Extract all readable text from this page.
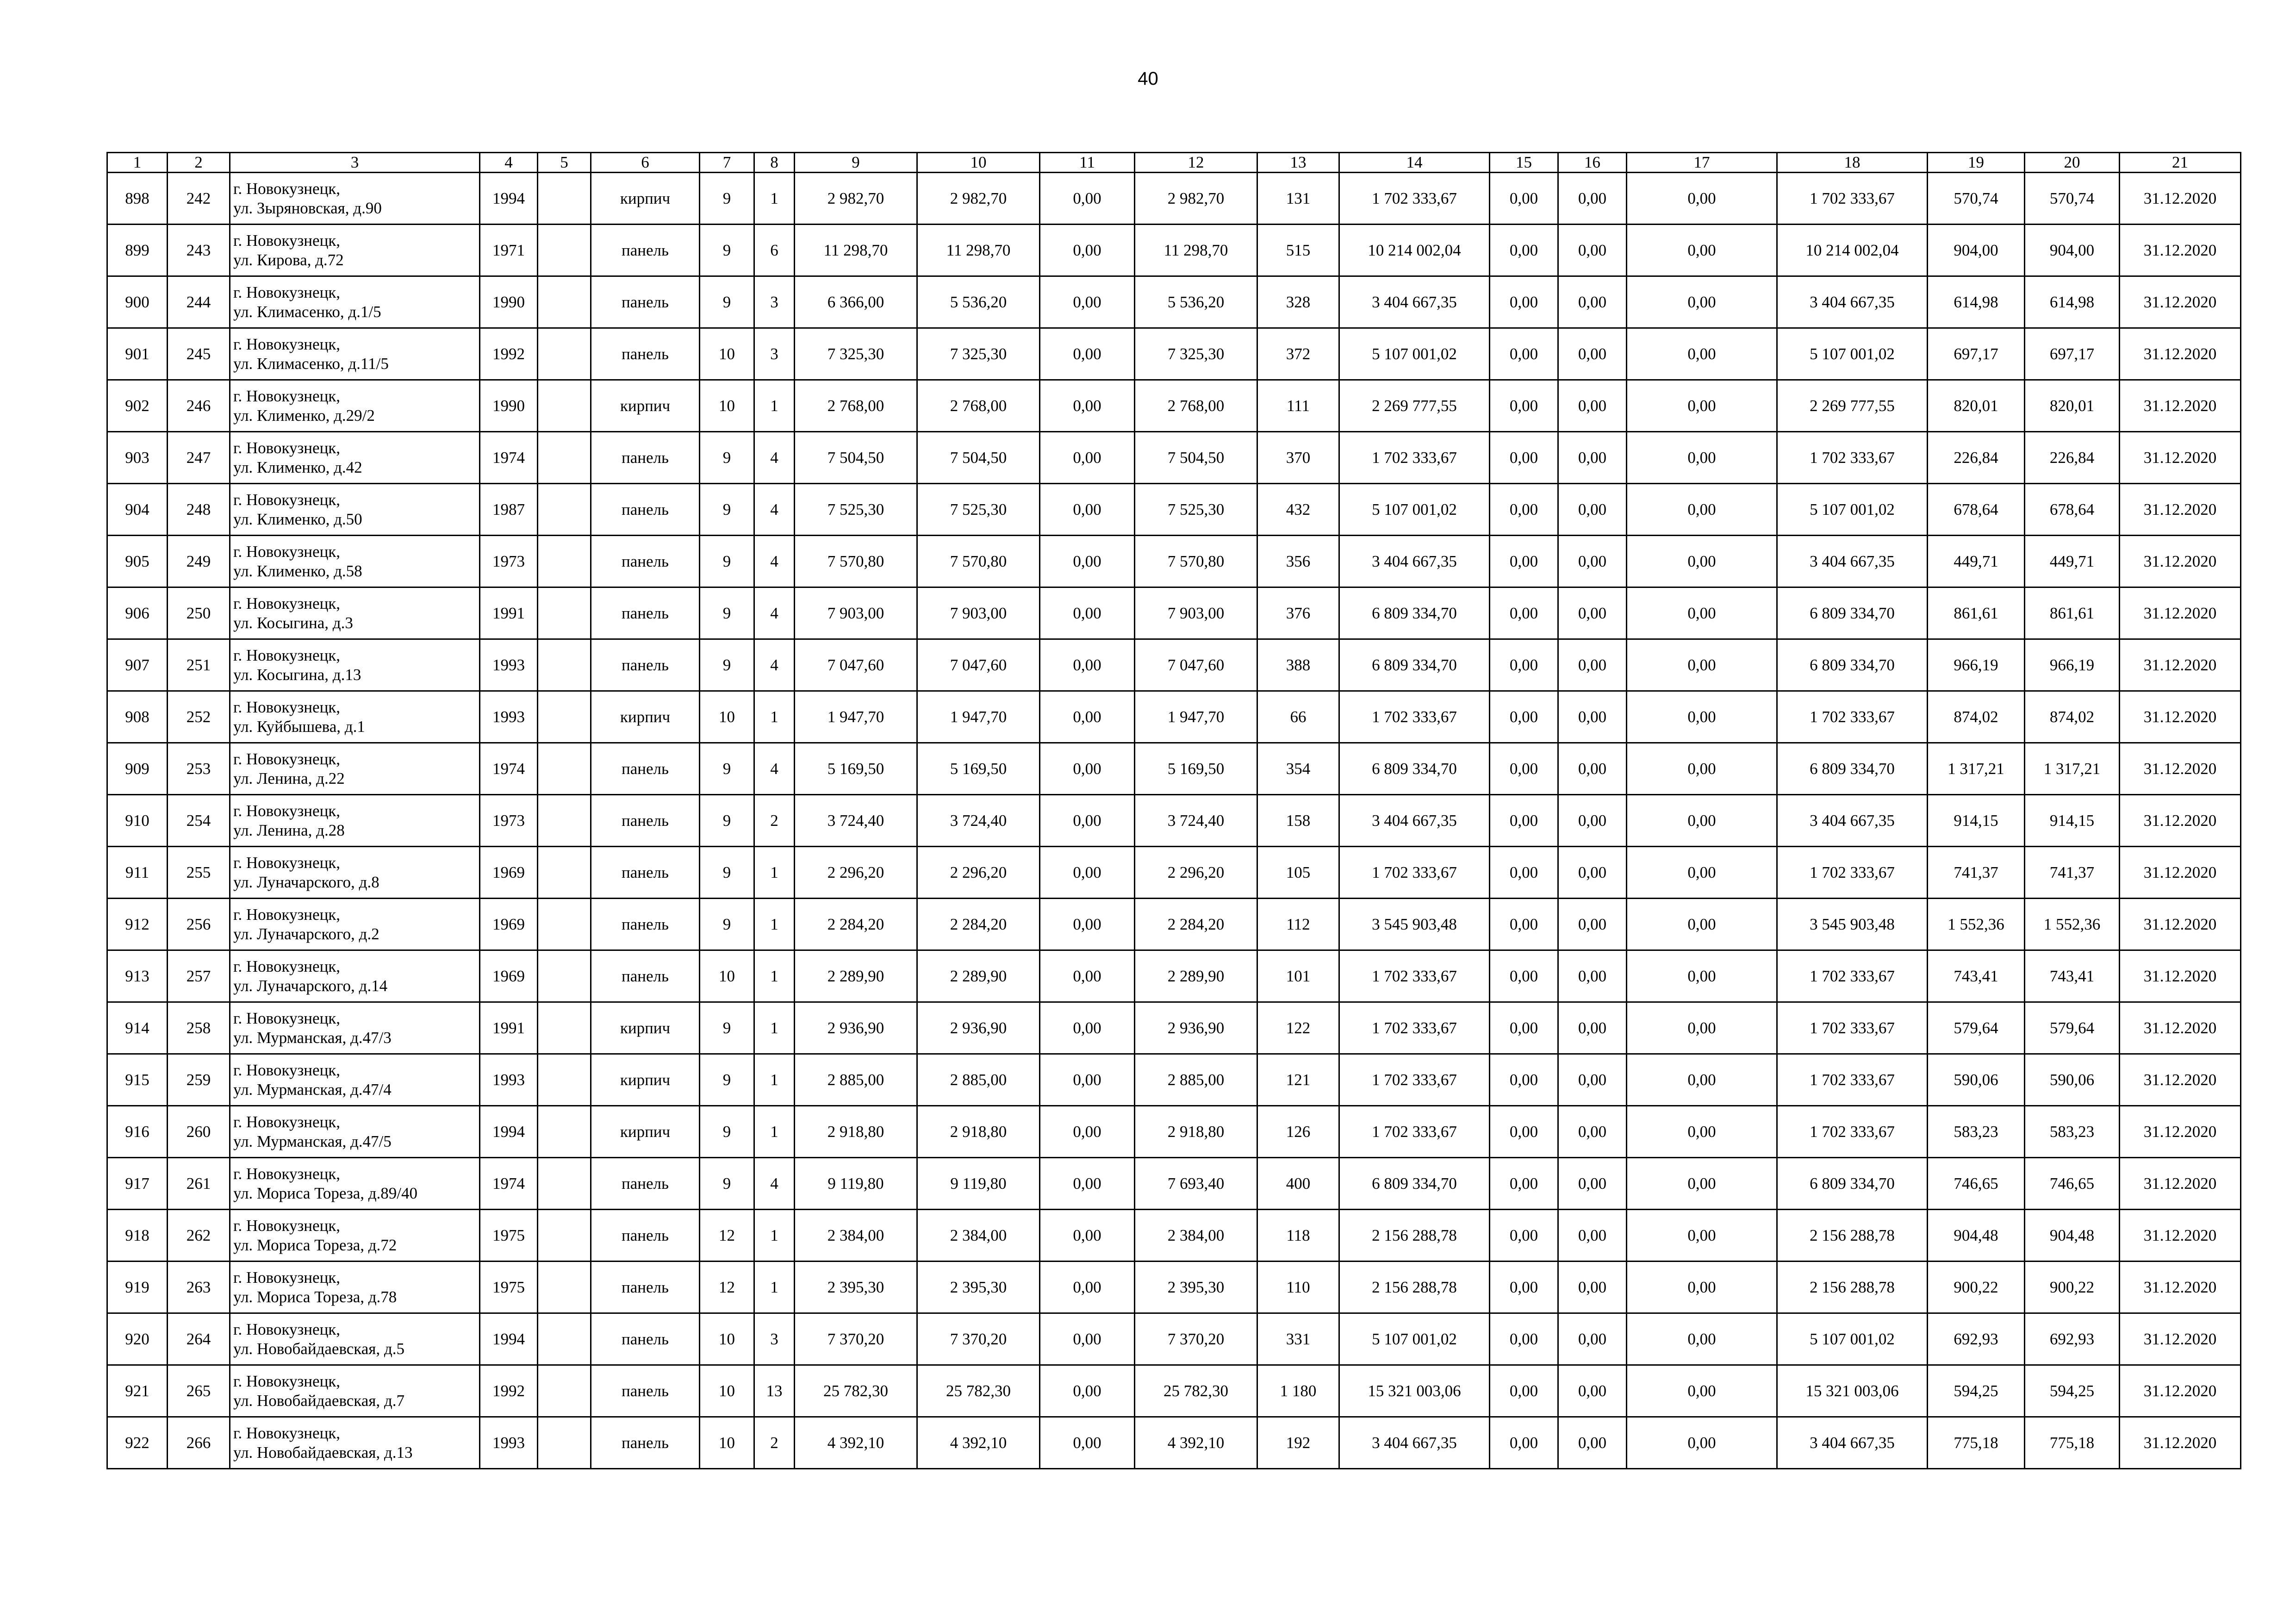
40
1	2	3	4	5	6	7	8	9	10	11	12	13	14	15	16	17	18	19	20	21
898	242	г. Новокузнецк,
ул. Зыряновская, д.90	1994		кирпич	9	1	2 982,70	2 982,70	0,00	2 982,70	131	1 702 333,67	0,00	0,00	0,00	1 702 333,67	570,74	570,74	31.12.2020
899	243	г. Новокузнецк,
ул. Кирова, д.72	1971		панель	9	6	11 298,70	11 298,70	0,00	11 298,70	515	10 214 002,04	0,00	0,00	0,00	10 214 002,04	904,00	904,00	31.12.2020
900	244	г. Новокузнецк,
ул. Климасенко, д.1/5	1990		панель	9	3	6 366,00	5 536,20	0,00	5 536,20	328	3 404 667,35	0,00	0,00	0,00	3 404 667,35	614,98	614,98	31.12.2020
901	245	г. Новокузнецк,
ул. Климасенко, д.11/5	1992		панель	10	3	7 325,30	7 325,30	0,00	7 325,30	372	5 107 001,02	0,00	0,00	0,00	5 107 001,02	697,17	697,17	31.12.2020
902	246	г. Новокузнецк,
ул. Клименко, д.29/2	1990		кирпич	10	1	2 768,00	2 768,00	0,00	2 768,00	111	2 269 777,55	0,00	0,00	0,00	2 269 777,55	820,01	820,01	31.12.2020
903	247	г. Новокузнецк,
ул. Клименко, д.42	1974		панель	9	4	7 504,50	7 504,50	0,00	7 504,50	370	1 702 333,67	0,00	0,00	0,00	1 702 333,67	226,84	226,84	31.12.2020
904	248	г. Новокузнецк,
ул. Клименко, д.50	1987		панель	9	4	7 525,30	7 525,30	0,00	7 525,30	432	5 107 001,02	0,00	0,00	0,00	5 107 001,02	678,64	678,64	31.12.2020
905	249	г. Новокузнецк,
ул. Клименко, д.58	1973		панель	9	4	7 570,80	7 570,80	0,00	7 570,80	356	3 404 667,35	0,00	0,00	0,00	3 404 667,35	449,71	449,71	31.12.2020
906	250	г. Новокузнецк,
ул. Косыгина, д.3	1991		панель	9	4	7 903,00	7 903,00	0,00	7 903,00	376	6 809 334,70	0,00	0,00	0,00	6 809 334,70	861,61	861,61	31.12.2020
907	251	г. Новокузнецк,
ул. Косыгина, д.13	1993		панель	9	4	7 047,60	7 047,60	0,00	7 047,60	388	6 809 334,70	0,00	0,00	0,00	6 809 334,70	966,19	966,19	31.12.2020
908	252	г. Новокузнецк,
ул. Куйбышева, д.1	1993		кирпич	10	1	1 947,70	1 947,70	0,00	1 947,70	66	1 702 333,67	0,00	0,00	0,00	1 702 333,67	874,02	874,02	31.12.2020
909	253	г. Новокузнецк,
ул. Ленина, д.22	1974		панель	9	4	5 169,50	5 169,50	0,00	5 169,50	354	6 809 334,70	0,00	0,00	0,00	6 809 334,70	1 317,21	1 317,21	31.12.2020
910	254	г. Новокузнецк,
ул. Ленина, д.28	1973		панель	9	2	3 724,40	3 724,40	0,00	3 724,40	158	3 404 667,35	0,00	0,00	0,00	3 404 667,35	914,15	914,15	31.12.2020
911	255	г. Новокузнецк,
ул. Луначарского, д.8	1969		панель	9	1	2 296,20	2 296,20	0,00	2 296,20	105	1 702 333,67	0,00	0,00	0,00	1 702 333,67	741,37	741,37	31.12.2020
912	256	г. Новокузнецк,
ул. Луначарского, д.2	1969		панель	9	1	2 284,20	2 284,20	0,00	2 284,20	112	3 545 903,48	0,00	0,00	0,00	3 545 903,48	1 552,36	1 552,36	31.12.2020
913	257	г. Новокузнецк,
ул. Луначарского, д.14	1969		панель	10	1	2 289,90	2 289,90	0,00	2 289,90	101	1 702 333,67	0,00	0,00	0,00	1 702 333,67	743,41	743,41	31.12.2020
914	258	г. Новокузнецк,
ул. Мурманская, д.47/3	1991		кирпич	9	1	2 936,90	2 936,90	0,00	2 936,90	122	1 702 333,67	0,00	0,00	0,00	1 702 333,67	579,64	579,64	31.12.2020
915	259	г. Новокузнецк,
ул. Мурманская, д.47/4	1993		кирпич	9	1	2 885,00	2 885,00	0,00	2 885,00	121	1 702 333,67	0,00	0,00	0,00	1 702 333,67	590,06	590,06	31.12.2020
916	260	г. Новокузнецк,
ул. Мурманская, д.47/5	1994		кирпич	9	1	2 918,80	2 918,80	0,00	2 918,80	126	1 702 333,67	0,00	0,00	0,00	1 702 333,67	583,23	583,23	31.12.2020
917	261	г. Новокузнецк,
ул. Мориса Тореза, д.89/40	1974		панель	9	4	9 119,80	9 119,80	0,00	7 693,40	400	6 809 334,70	0,00	0,00	0,00	6 809 334,70	746,65	746,65	31.12.2020
918	262	г. Новокузнецк,
ул. Мориса Тореза, д.72	1975		панель	12	1	2 384,00	2 384,00	0,00	2 384,00	118	2 156 288,78	0,00	0,00	0,00	2 156 288,78	904,48	904,48	31.12.2020
919	263	г. Новокузнецк,
ул. Мориса Тореза, д.78	1975		панель	12	1	2 395,30	2 395,30	0,00	2 395,30	110	2 156 288,78	0,00	0,00	0,00	2 156 288,78	900,22	900,22	31.12.2020
920	264	г. Новокузнецк,
ул. Новобайдаевская, д.5	1994		панель	10	3	7 370,20	7 370,20	0,00	7 370,20	331	5 107 001,02	0,00	0,00	0,00	5 107 001,02	692,93	692,93	31.12.2020
921	265	г. Новокузнецк,
ул. Новобайдаевская, д.7	1992		панель	10	13	25 782,30	25 782,30	0,00	25 782,30	1 180	15 321 003,06	0,00	0,00	0,00	15 321 003,06	594,25	594,25	31.12.2020
922	266	г. Новокузнецк,
ул. Новобайдаевская, д.13	1993		панель	10	2	4 392,10	4 392,10	0,00	4 392,10	192	3 404 667,35	0,00	0,00	0,00	3 404 667,35	775,18	775,18	31.12.2020
